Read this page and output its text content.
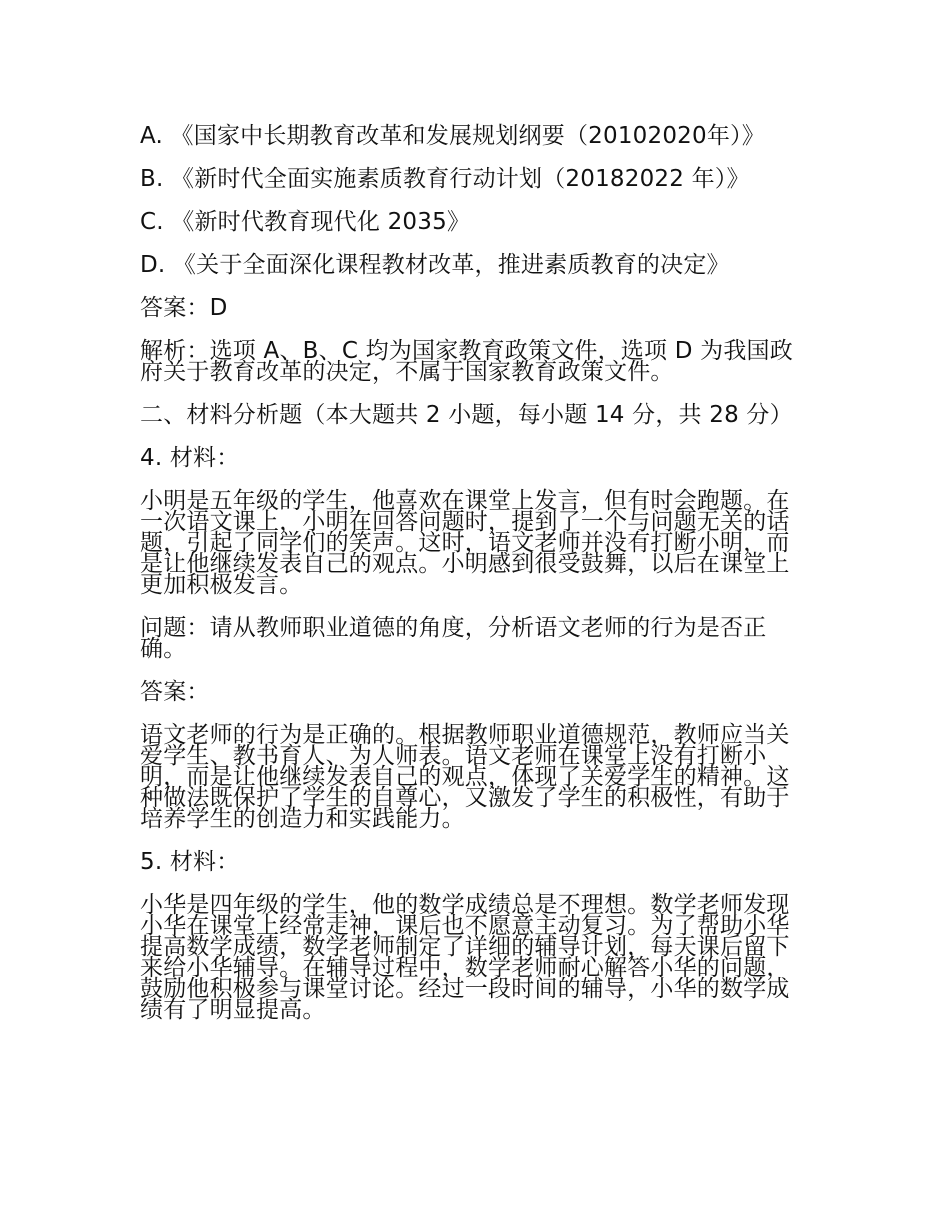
A. 《国家中长期教育改革和发展规划纲要（20102020年）》

B. 《新时代全面实施素质教育行动计划（20182022 年）》

C. 《新时代教育现代化 2035》

D. 《关于全面深化课程教材改革，推进素质教育的决定》

答案：D

解析：选项 A、B、C 均为国家教育政策文件，选项 D 为我国政府关于教育改革的决定，不属于国家教育政策文件。

二、材料分析题（本大题共 2 小题，每小题 14 分，共 28 分）

4. 材料：

小明是五年级的学生，他喜欢在课堂上发言，但有时会跑题。在一次语文课上，小明在回答问题时，提到了一个与问题无关的话题，引起了同学们的笑声。这时，语文老师并没有打断小明，而是让他继续发表自己的观点。小明感到很受鼓舞，以后在课堂上更加积极发言。

问题：请从教师职业道德的角度，分析语文老师的行为是否正确。

答案：

语文老师的行为是正确的。根据教师职业道德规范，教师应当关爱学生、教书育人、为人师表。语文老师在课堂上没有打断小明，而是让他继续发表自己的观点，体现了关爱学生的精神。这种做法既保护了学生的自尊心，又激发了学生的积极性，有助于培养学生的创造力和实践能力。

5. 材料：

小华是四年级的学生，他的数学成绩总是不理想。数学老师发现小华在课堂上经常走神，课后也不愿意主动复习。为了帮助小华提高数学成绩，数学老师制定了详细的辅导计划，每天课后留下来给小华辅导。在辅导过程中，数学老师耐心解答小华的问题，鼓励他积极参与课堂讨论。经过一段时间的辅导，小华的数学成绩有了明显提高。
